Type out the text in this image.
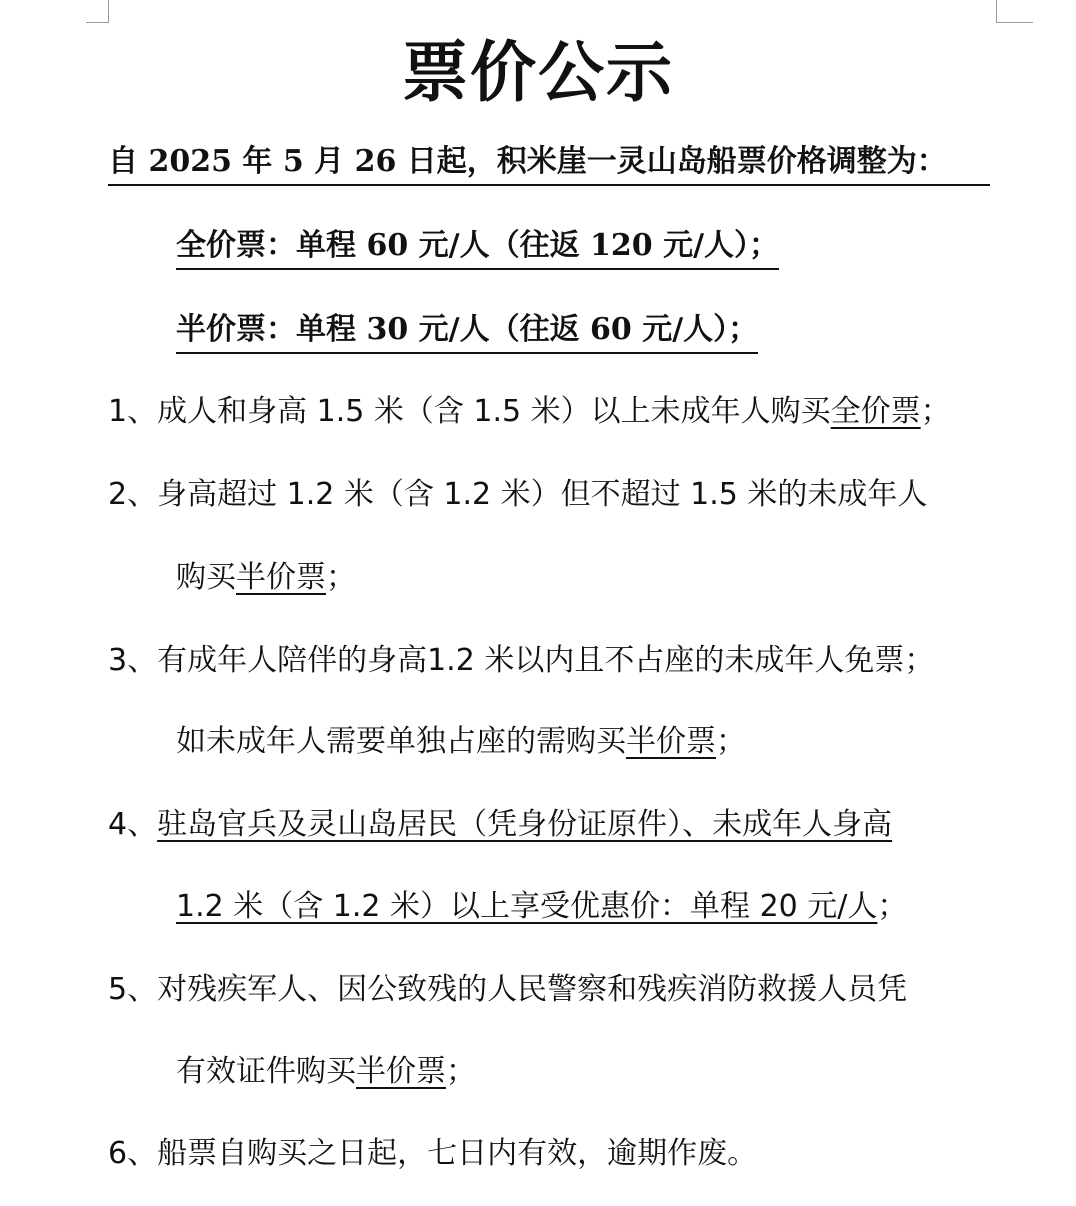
票价公示
自 2025 年 5 月 26 日起，积米崖一灵山岛船票价格调整为：
全价票：单程 60 元/人（往返 120 元/人）；
半价票：单程 30 元/人（往返 60 元/人）；
1、成人和身高 1.5 米（含 1.5 米）以上未成年人购买全价票；
2、身高超过 1.2 米（含 1.2 米）但不超过 1.5 米的未成年人
购买半价票；
3、有成年人陪伴的身高1.2 米以内且不占座的未成年人免票；
如未成年人需要单独占座的需购买半价票；
4、驻岛官兵及灵山岛居民（凭身份证原件）、未成年人身高
1.2 米（含 1.2 米）以上享受优惠价：单程 20 元/人；
5、对残疾军人、因公致残的人民警察和残疾消防救援人员凭
有效证件购买半价票；
6、船票自购买之日起，七日内有效，逾期作废。
